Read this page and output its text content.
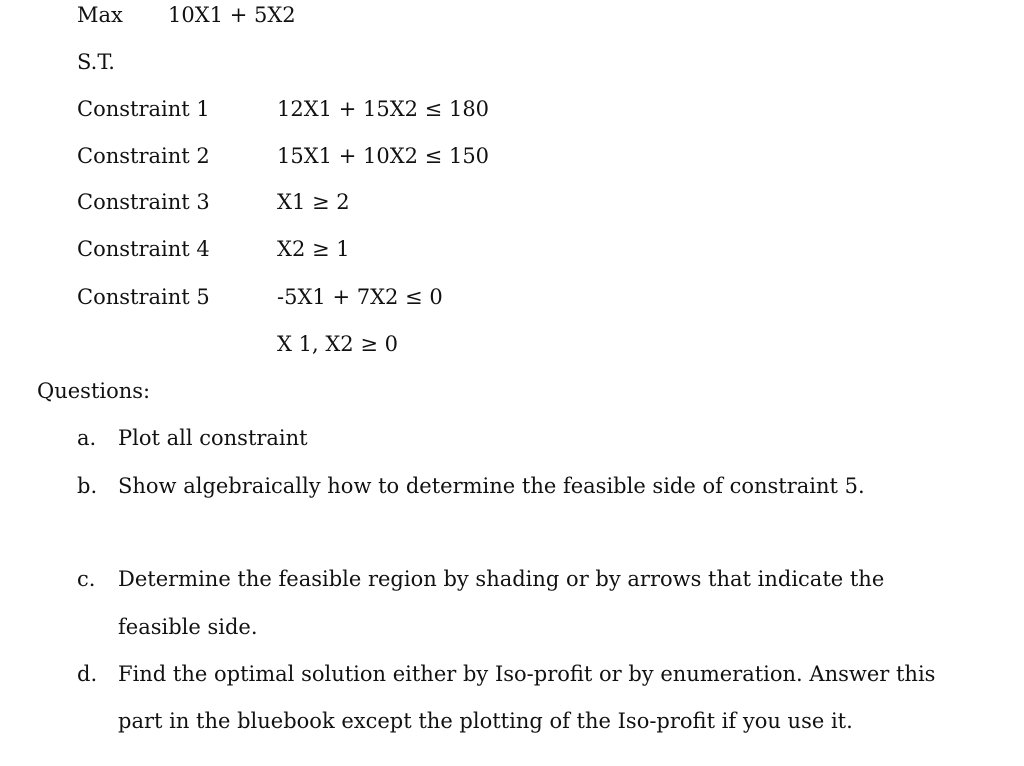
Max 10X1 + 5X2
S.T.
Constraint 1	12X1 + 15X2 ≤ 180
Constraint 2	15X1 + 10X2 ≤ 150
Constraint 3	X1 ≥ 2
Constraint 4	X2 ≥ 1
Constraint 5	-5X1 + 7X2 ≤ 0
X 1, X2 ≥ 0
Questions:
a. Plot all constraint
b. Show algebraically how to determine the feasible side of constraint 5.
c. Determine the feasible region by shading or by arrows that indicate the
feasible side.
d. Find the optimal solution either by Iso-profit or by enumeration. Answer this
part in the bluebook except the plotting of the Iso-profit if you use it.
